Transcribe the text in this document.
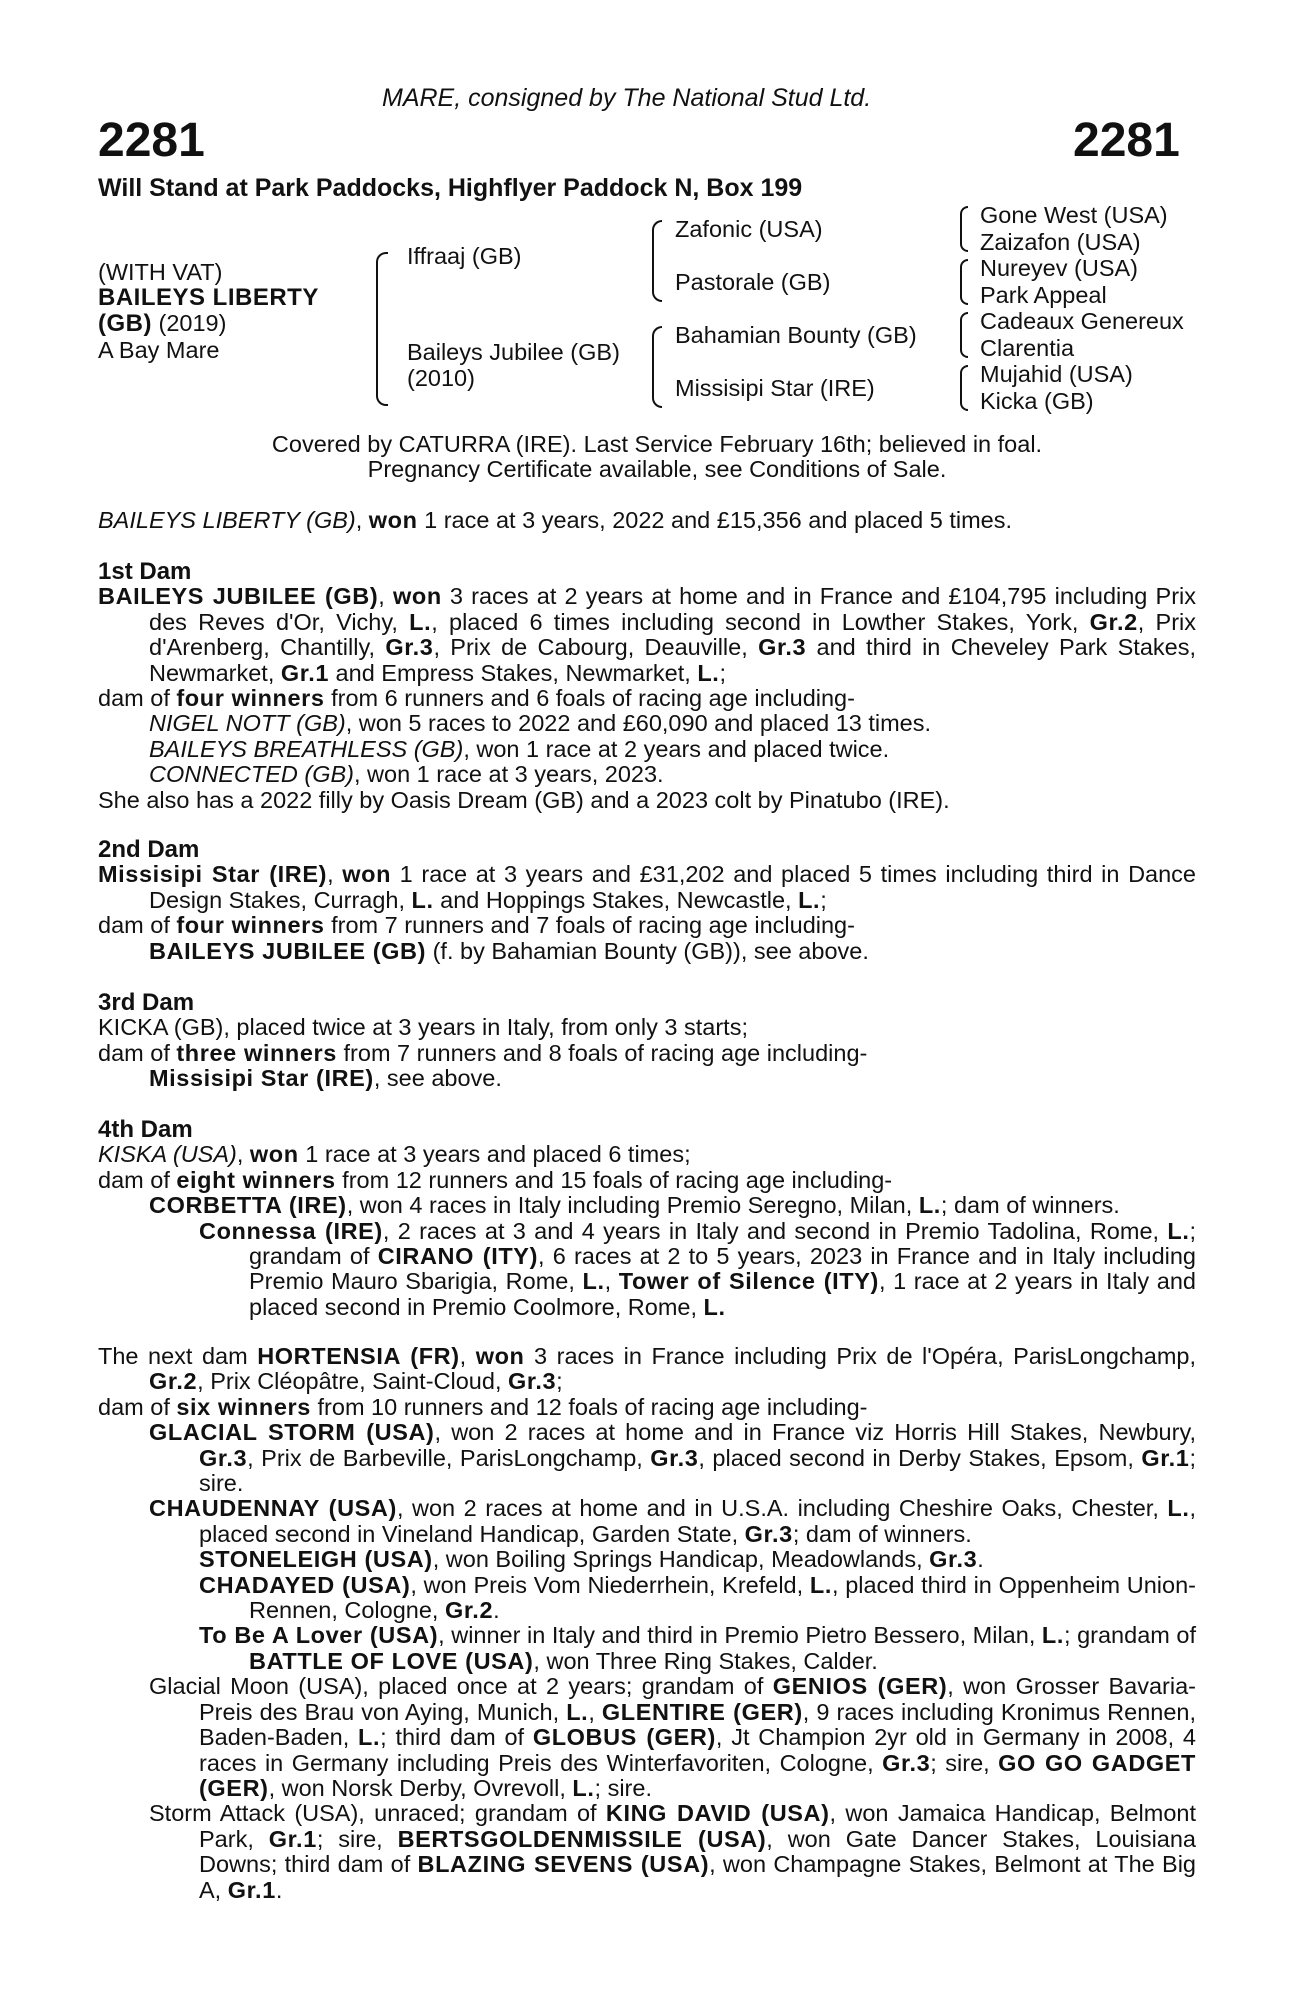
MARE, consigned by The National Stud Ltd.
2281	2281
Will Stand at Park Paddocks, Highflyer Paddock N, Box 199
(WITH VAT)
BAILEYS LIBERTY
(GB) (2019)
A Bay Mare
Iffraaj (GB)
Baileys Jubilee (GB)
(2010)
Zafonic (USA)
Pastorale (GB)
Bahamian Bounty (GB)
Missisipi Star (IRE)
Gone West (USA)
Zaizafon (USA)
Nureyev (USA)
Park Appeal
Cadeaux Genereux
Clarentia
Mujahid (USA)
Kicka (GB)
Covered by CATURRA (IRE). Last Service February 16th; believed in foal.
Pregnancy Certificate available, see Conditions of Sale.

BAILEYS LIBERTY (GB), won 1 race at 3 years, 2022 and £15,356 and placed 5 times.

1st Dam

BAILEYS JUBILEE (GB), won 3 races at 2 years at home and in France and £104,795 including Prix des Reves d'Or, Vichy, L., placed 6 times including second in Lowther Stakes, York, Gr.2, Prix d'Arenberg, Chantilly, Gr.3, Prix de Cabourg, Deauville, Gr.3 and third in Cheveley Park Stakes, Newmarket, Gr.1 and Empress Stakes, Newmarket, L.;

dam of four winners from 6 runners and 6 foals of racing age including-

NIGEL NOTT (GB), won 5 races to 2022 and £60,090 and placed 13 times.

BAILEYS BREATHLESS (GB), won 1 race at 2 years and placed twice.

CONNECTED (GB), won 1 race at 3 years, 2023.

She also has a 2022 filly by Oasis Dream (GB) and a 2023 colt by Pinatubo (IRE).

2nd Dam

Missisipi Star (IRE), won 1 race at 3 years and £31,202 and placed 5 times including third in Dance Design Stakes, Curragh, L. and Hoppings Stakes, Newcastle, L.;

dam of four winners from 7 runners and 7 foals of racing age including-

BAILEYS JUBILEE (GB) (f. by Bahamian Bounty (GB)), see above.

3rd Dam

KICKA (GB), placed twice at 3 years in Italy, from only 3 starts;

dam of three winners from 7 runners and 8 foals of racing age including-

Missisipi Star (IRE), see above.

4th Dam

KISKA (USA), won 1 race at 3 years and placed 6 times;

dam of eight winners from 12 runners and 15 foals of racing age including-

CORBETTA (IRE), won 4 races in Italy including Premio Seregno, Milan, L.; dam of winners.

Connessa (IRE), 2 races at 3 and 4 years in Italy and second in Premio Tadolina, Rome, L.; grandam of CIRANO (ITY), 6 races at 2 to 5 years, 2023 in France and in Italy including Premio Mauro Sbarigia, Rome, L., Tower of Silence (ITY), 1 race at 2 years in Italy and placed second in Premio Coolmore, Rome, L.

The next dam HORTENSIA (FR), won 3 races in France including Prix de l'Opéra, ParisLongchamp, Gr.2, Prix Cléopâtre, Saint-Cloud, Gr.3;

dam of six winners from 10 runners and 12 foals of racing age including-

GLACIAL STORM (USA), won 2 races at home and in France viz Horris Hill Stakes, Newbury, Gr.3, Prix de Barbeville, ParisLongchamp, Gr.3, placed second in Derby Stakes, Epsom, Gr.1; sire.

CHAUDENNAY (USA), won 2 races at home and in U.S.A. including Cheshire Oaks, Chester, L., placed second in Vineland Handicap, Garden State, Gr.3; dam of winners.

STONELEIGH (USA), won Boiling Springs Handicap, Meadowlands, Gr.3.

CHADAYED (USA), won Preis Vom Niederrhein, Krefeld, L., placed third in Oppenheim Union-Rennen, Cologne, Gr.2.

To Be A Lover (USA), winner in Italy and third in Premio Pietro Bessero, Milan, L.; grandam of BATTLE OF LOVE (USA), won Three Ring Stakes, Calder.

Glacial Moon (USA), placed once at 2 years; grandam of GENIOS (GER), won Grosser Bavaria-Preis des Brau von Aying, Munich, L., GLENTIRE (GER), 9 races including Kronimus Rennen, Baden-Baden, L.; third dam of GLOBUS (GER), Jt Champion 2yr old in Germany in 2008, 4 races in Germany including Preis des Winterfavoriten, Cologne, Gr.3; sire, GO GO GADGET (GER), won Norsk Derby, Ovrevoll, L.; sire.

Storm Attack (USA), unraced; grandam of KING DAVID (USA), won Jamaica Handicap, Belmont Park, Gr.1; sire, BERTSGOLDENMISSILE (USA), won Gate Dancer Stakes, Louisiana Downs; third dam of BLAZING SEVENS (USA), won Champagne Stakes, Belmont at The Big A, Gr.1.
